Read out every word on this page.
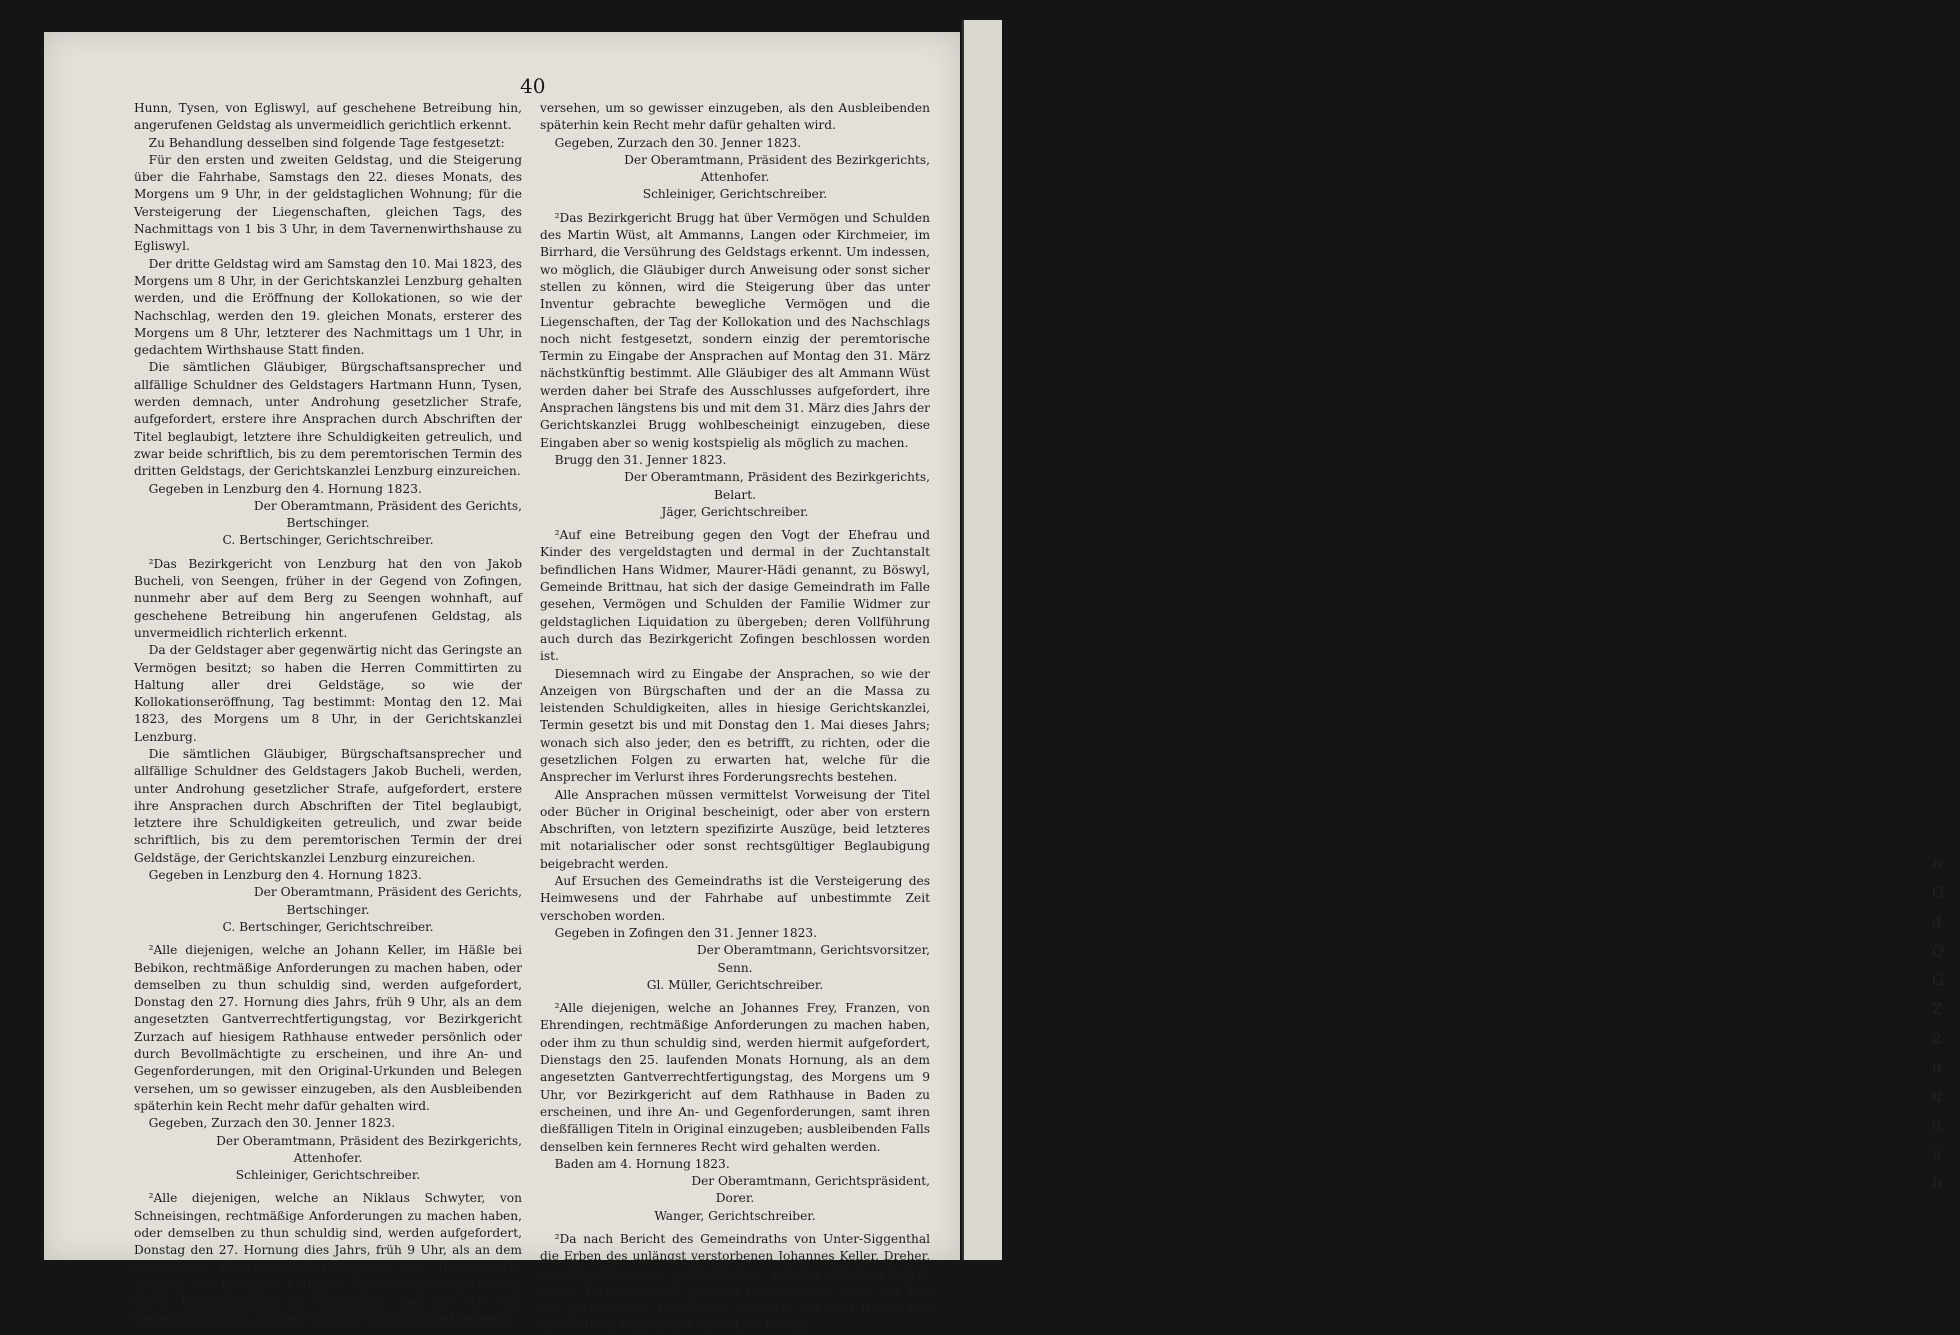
b
G
d
Q
G
Z
2
u
u
u
u
b
40

Hunn, Tysen, von Egliswyl, auf geschehene Betreibung hin, angerufenen Geldstag als unvermeidlich gerichtlich erkennt.

Zu Behandlung desselben sind folgende Tage festgesetzt:

Für den ersten und zweiten Geldstag, und die Steigerung über die Fahrhabe, Samstags den 22. dieses Monats, des Morgens um 9 Uhr, in der geldstaglichen Wohnung; für die Versteigerung der Liegenschaften, gleichen Tags, des Nachmittags von 1 bis 3 Uhr, in dem Tavernenwirthshause zu Egliswyl.

Der dritte Geldstag wird am Samstag den 10. Mai 1823, des Morgens um 8 Uhr, in der Gerichtskanzlei Lenzburg gehalten werden, und die Eröffnung der Kollokationen, so wie der Nachschlag, werden den 19. gleichen Monats, ersterer des Morgens um 8 Uhr, letzterer des Nachmittags um 1 Uhr, in gedachtem Wirthshause Statt finden.

Die sämtlichen Gläubiger, Bürgschaftsansprecher und allfällige Schuldner des Geldstagers Hartmann Hunn, Tysen, werden demnach, unter Androhung gesetzlicher Strafe, aufgefordert, erstere ihre Ansprachen durch Abschriften der Titel beglaubigt, letztere ihre Schuldigkeiten getreulich, und zwar beide schriftlich, bis zu dem peremtorischen Termin des dritten Geldstags, der Gerichtskanzlei Lenzburg einzureichen.

Gegeben in Lenzburg den 4. Hornung 1823.

Der Oberamtmann, Präsident des Gerichts,

Bertschinger.

C. Bertschinger, Gerichtschreiber.

²Das Bezirkgericht von Lenzburg hat den von Jakob Bucheli, von Seengen, früher in der Gegend von Zofingen, nunmehr aber auf dem Berg zu Seengen wohnhaft, auf geschehene Betreibung hin angerufenen Geldstag, als unvermeidlich richterlich erkennt.

Da der Geldstager aber gegenwärtig nicht das Geringste an Vermögen besitzt; so haben die Herren Committirten zu Haltung aller drei Geldstäge, so wie der Kollokationseröffnung, Tag bestimmt: Montag den 12. Mai 1823, des Morgens um 8 Uhr, in der Gerichtskanzlei Lenzburg.

Die sämtlichen Gläubiger, Bürgschaftsansprecher und allfällige Schuldner des Geldstagers Jakob Bucheli, werden, unter Androhung gesetzlicher Strafe, aufgefordert, erstere ihre Ansprachen durch Abschriften der Titel beglaubigt, letztere ihre Schuldigkeiten getreulich, und zwar beide schriftlich, bis zu dem peremtorischen Termin der drei Geldstäge, der Gerichtskanzlei Lenzburg einzureichen.

Gegeben in Lenzburg den 4. Hornung 1823.

Der Oberamtmann, Präsident des Gerichts,

Bertschinger.

C. Bertschinger, Gerichtschreiber.

²Alle diejenigen, welche an Johann Keller, im Häßle bei Bebikon, rechtmäßige Anforderungen zu machen haben, oder demselben zu thun schuldig sind, werden aufgefordert, Donstag den 27. Hornung dies Jahrs, früh 9 Uhr, als an dem angesetzten Gantverrechtfertigungstag, vor Bezirkgericht Zurzach auf hiesigem Rathhause entweder persönlich oder durch Bevollmächtigte zu erscheinen, und ihre An- und Gegenforderungen, mit den Original-Urkunden und Belegen versehen, um so gewisser einzugeben, als den Ausbleibenden späterhin kein Recht mehr dafür gehalten wird.

Gegeben, Zurzach den 30. Jenner 1823.

Der Oberamtmann, Präsident des Bezirkgerichts,

Attenhofer.

Schleiniger, Gerichtschreiber.

²Alle diejenigen, welche an Niklaus Schwyter, von Schneisingen, rechtmäßige Anforderungen zu machen haben, oder demselben zu thun schuldig sind, werden aufgefordert, Donstag den 27. Hornung dies Jahrs, früh 9 Uhr, als an dem angesetzten Gantverrechtfertigungstag, vor Bezirkgericht Zurzach auf hiesigem Rathhaus entweder persönlich oder durch Bevollmächtigte zu erscheinen, und ihre An- und Gegenforderungen, mit den Original-Urkunden und Belegen

versehen, um so gewisser einzugeben, als den Ausbleibenden späterhin kein Recht mehr dafür gehalten wird.

Gegeben, Zurzach den 30. Jenner 1823.

Der Oberamtmann, Präsident des Bezirkgerichts,

Attenhofer.

Schleiniger, Gerichtschreiber.

²Das Bezirkgericht Brugg hat über Vermögen und Schulden des Martin Wüst, alt Ammanns, Langen oder Kirchmeier, im Birrhard, die Versührung des Geldstags erkennt. Um indessen, wo möglich, die Gläubiger durch Anweisung oder sonst sicher stellen zu können, wird die Steigerung über das unter Inventur gebrachte bewegliche Vermögen und die Liegenschaften, der Tag der Kollokation und des Nachschlags noch nicht festgesetzt, sondern einzig der peremtorische Termin zu Eingabe der Ansprachen auf Montag den 31. März nächstkünftig bestimmt. Alle Gläubiger des alt Ammann Wüst werden daher bei Strafe des Ausschlusses aufgefordert, ihre Ansprachen längstens bis und mit dem 31. März dies Jahrs der Gerichtskanzlei Brugg wohlbescheinigt einzugeben, diese Eingaben aber so wenig kostspielig als möglich zu machen.

Brugg den 31. Jenner 1823.

Der Oberamtmann, Präsident des Bezirkgerichts,

Belart.

Jäger, Gerichtschreiber.

²Auf eine Betreibung gegen den Vogt der Ehefrau und Kinder des vergeldstagten und dermal in der Zuchtanstalt befindlichen Hans Widmer, Maurer-Hädi genannt, zu Böswyl, Gemeinde Brittnau, hat sich der dasige Gemeindrath im Falle gesehen, Vermögen und Schulden der Familie Widmer zur geldstaglichen Liquidation zu übergeben; deren Vollführung auch durch das Bezirkgericht Zofingen beschlossen worden ist.

Diesemnach wird zu Eingabe der Ansprachen, so wie der Anzeigen von Bürgschaften und der an die Massa zu leistenden Schuldigkeiten, alles in hiesige Gerichtskanzlei, Termin gesetzt bis und mit Donstag den 1. Mai dieses Jahrs; wonach sich also jeder, den es betrifft, zu richten, oder die gesetzlichen Folgen zu erwarten hat, welche für die Ansprecher im Verlurst ihres Forderungsrechts bestehen.

Alle Ansprachen müssen vermittelst Vorweisung der Titel oder Bücher in Original bescheinigt, oder aber von erstern Abschriften, von letztern spezifizirte Auszüge, beid letzteres mit notarialischer oder sonst rechtsgültiger Beglaubigung beigebracht werden.

Auf Ersuchen des Gemeindraths ist die Versteigerung des Heimwesens und der Fahrhabe auf unbestimmte Zeit verschoben worden.

Gegeben in Zofingen den 31. Jenner 1823.

Der Oberamtmann, Gerichtsvorsitzer,

Senn.

Gl. Müller, Gerichtschreiber.

²Alle diejenigen, welche an Johannes Frey, Franzen, von Ehrendingen, rechtmäßige Anforderungen zu machen haben, oder ihm zu thun schuldig sind, werden hiermit aufgefordert, Dienstags den 25. laufenden Monats Hornung, als an dem angesetzten Gantverrechtfertigungstag, des Morgens um 9 Uhr, vor Bezirkgericht auf dem Rathhause in Baden zu erscheinen, und ihre An- und Gegenforderungen, samt ihren dießfälligen Titeln in Original einzugeben; ausbleibenden Falls denselben kein fernneres Recht wird gehalten werden.

Baden am 4. Hornung 1823.

Der Oberamtmann, Gerichtspräsident,

Dorer.

Wanger, Gerichtschreiber.

²Da nach Bericht des Gemeindraths von Unter-Siggenthal die Erben des unlängst verstorbenen Johannes Keller, Dreher, von Ober-Siggingen, erklärt haben, auf den erblichen Antritt seiner Verlassenschaft gänzlich zu verzichten, somit der Fall der gerichtlichen Liquidation über das Soll und Haben des gedachten Johann Keller eintritt; so hat das
